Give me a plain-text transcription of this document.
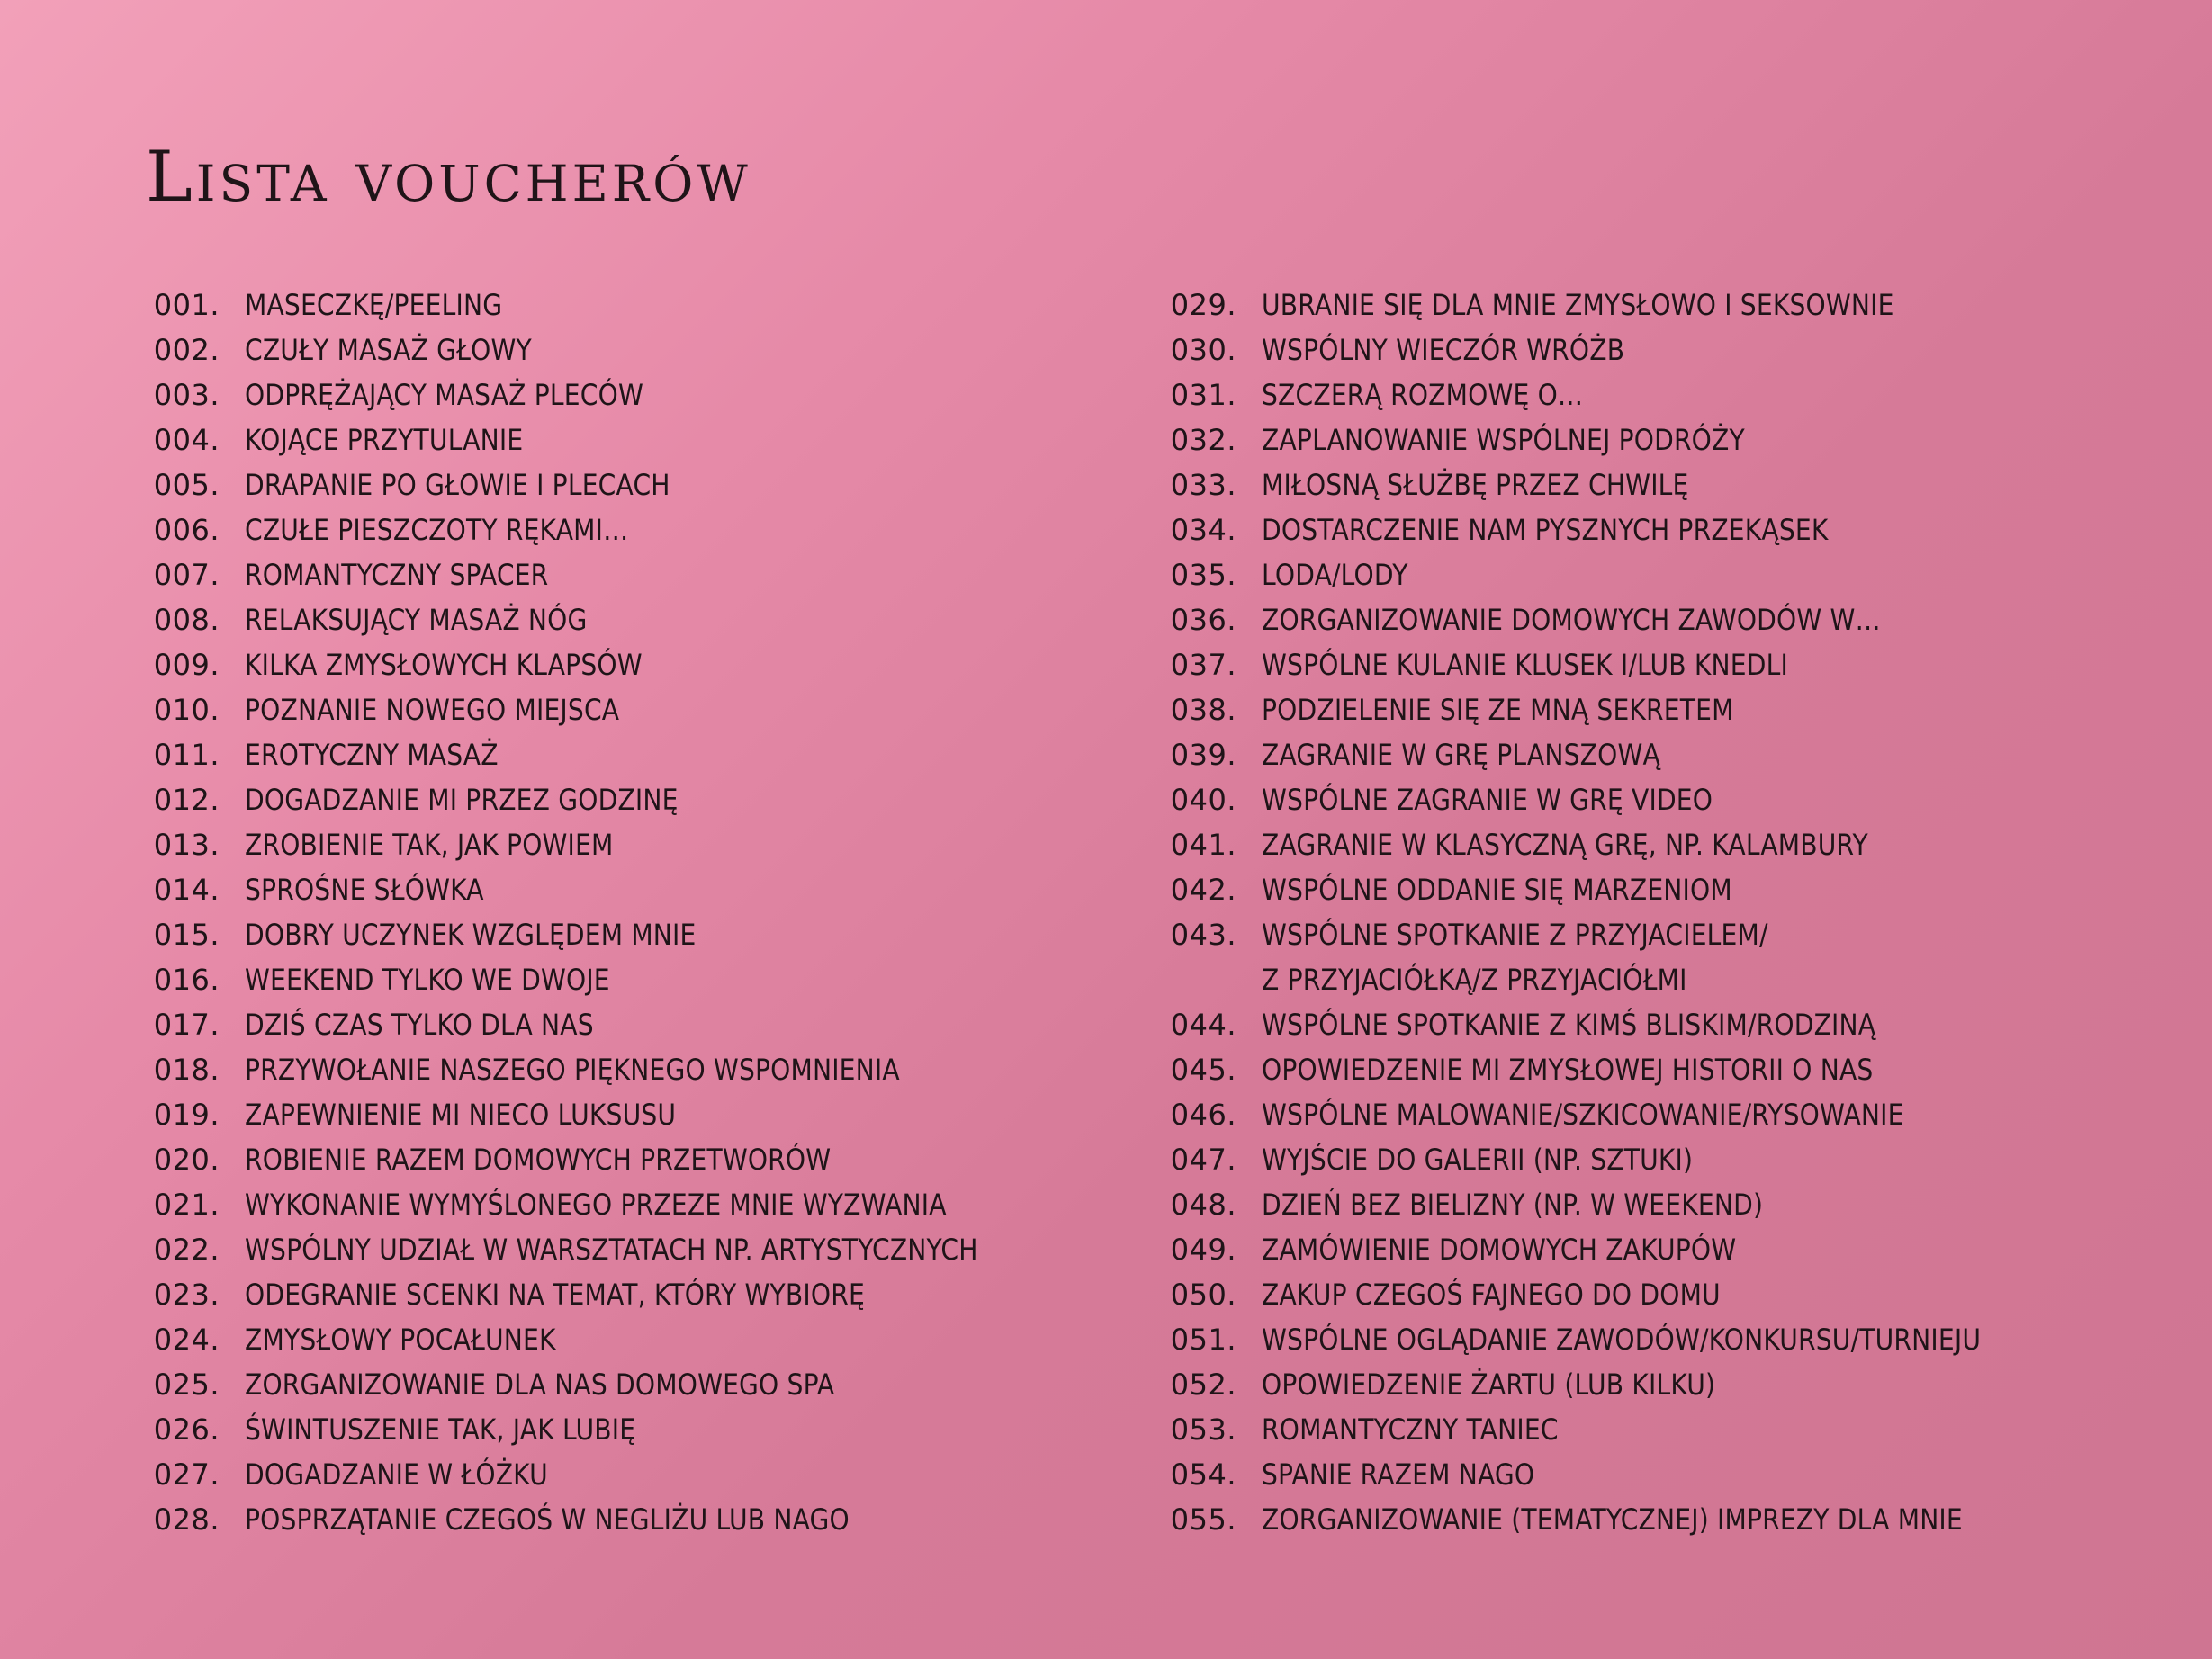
Lista voucherów
001. MASECZKĘ/PEELING
002. CZUŁY MASAŻ GŁOWY
003. ODPRĘŻAJĄCY MASAŻ PLECÓW
004. KOJĄCE PRZYTULANIE
005. DRAPANIE PO GŁOWIE I PLECACH
006. CZUŁE PIESZCZOTY RĘKAMI…
007. ROMANTYCZNY SPACER
008. RELAKSUJĄCY MASAŻ NÓG
009. KILKA ZMYSŁOWYCH KLAPSÓW
010. POZNANIE NOWEGO MIEJSCA
011. EROTYCZNY MASAŻ
012. DOGADZANIE MI PRZEZ GODZINĘ
013. ZROBIENIE TAK, JAK POWIEM
014. SPROŚNE SŁÓWKA
015. DOBRY UCZYNEK WZGLĘDEM MNIE
016. WEEKEND TYLKO WE DWOJE
017. DZIŚ CZAS TYLKO DLA NAS
018. PRZYWOŁANIE NASZEGO PIĘKNEGO WSPOMNIENIA
019. ZAPEWNIENIE MI NIECO LUKSUSU
020. ROBIENIE RAZEM DOMOWYCH PRZETWORÓW
021. WYKONANIE WYMYŚLONEGO PRZEZE MNIE WYZWANIA
022. WSPÓLNY UDZIAŁ W WARSZTATACH NP. ARTYSTYCZNYCH
023. ODEGRANIE SCENKI NA TEMAT, KTÓRY WYBIORĘ
024. ZMYSŁOWY POCAŁUNEK
025. ZORGANIZOWANIE DLA NAS DOMOWEGO SPA
026. ŚWINTUSZENIE TAK, JAK LUBIĘ
027. DOGADZANIE W ŁÓŻKU
028. POSPRZĄTANIE CZEGOŚ W NEGLIŻU LUB NAGO
029. UBRANIE SIĘ DLA MNIE ZMYSŁOWO I SEKSOWNIE
030. WSPÓLNY WIECZÓR WRÓŻB
031. SZCZERĄ ROZMOWĘ O…
032. ZAPLANOWANIE WSPÓLNEJ PODRÓŻY
033. MIŁOSNĄ SŁUŻBĘ PRZEZ CHWILĘ
034. DOSTARCZENIE NAM PYSZNYCH PRZEKĄSEK
035. LODA/LODY
036. ZORGANIZOWANIE DOMOWYCH ZAWODÓW W…
037. WSPÓLNE KULANIE KLUSEK I/LUB KNEDLI
038. PODZIELENIE SIĘ ZE MNĄ SEKRETEM
039. ZAGRANIE W GRĘ PLANSZOWĄ
040. WSPÓLNE ZAGRANIE W GRĘ VIDEO
041. ZAGRANIE W KLASYCZNĄ GRĘ, NP. KALAMBURY
042. WSPÓLNE ODDANIE SIĘ MARZENIOM
043. WSPÓLNE SPOTKANIE Z PRZYJACIELEM/
Z PRZYJACIÓŁKĄ/Z PRZYJACIÓŁMI
044. WSPÓLNE SPOTKANIE Z KIMŚ BLISKIM/RODZINĄ
045. OPOWIEDZENIE MI ZMYSŁOWEJ HISTORII O NAS
046. WSPÓLNE MALOWANIE/SZKICOWANIE/RYSOWANIE
047. WYJŚCIE DO GALERII (NP. SZTUKI)
048. DZIEŃ BEZ BIELIZNY (NP. W WEEKEND)
049. ZAMÓWIENIE DOMOWYCH ZAKUPÓW
050. ZAKUP CZEGOŚ FAJNEGO DO DOMU
051. WSPÓLNE OGLĄDANIE ZAWODÓW/KONKURSU/TURNIEJU
052. OPOWIEDZENIE ŻARTU (LUB KILKU)
053. ROMANTYCZNY TANIEC
054. SPANIE RAZEM NAGO
055. ZORGANIZOWANIE (TEMATYCZNEJ) IMPREZY DLA MNIE
